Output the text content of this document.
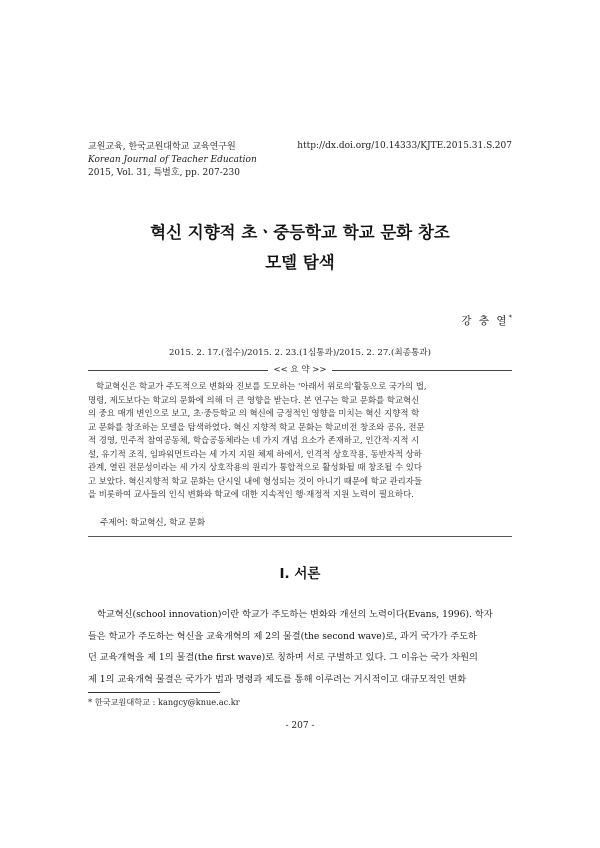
교원교육, 한국교원대학교 교육연구원
Korean Journal of Teacher Education
2015, Vol. 31, 특별호, pp. 207-230
http://dx.doi.org/10.14333/KJTE.2015.31.S.207
혁신 지향적 초ㆍ중등학교 학교 문화 창조
모델 탐색
강 충 열*
2015. 2. 17.(접수)/2015. 2. 23.(1심통과)/2015. 2. 27.(최종통과)
<< 요 약 >>
학교혁신은 학교가 주도적으로 변화와 진보를 도모하는 '아래서 위로의'활동으로 국가의 법,
명령, 제도보다는 학교의 문화에 의해 더 큰 영향을 받는다. 본 연구는 학교 문화를 학교혁신
의 중요 매개 변인으로 보고, 초·중등학교 의 혁신에 긍정적인 영향을 미치는 혁신 지향적 학
교 문화를 창조하는 모델을 탐색하였다. 혁신 지향적 학교 문화는 학교비전 창조와 공유, 전문
적 경영, 민주적 참여공동체, 학습공동체라는 네 가지 개념 요소가 존재하고, 인간적·지적 시
설, 유기적 조직, 임파워먼트라는 세 가지 지원 체제 하에서, 인격적 상호작용, 동반자적 상하
관계, 열린 전문성이라는 세 가지 상호작용의 원리가 통합적으로 활성화될 때 창조될 수 있다
고 보았다. 혁신지향적 학교 문화는 단시일 내에 형성되는 것이 아니기 때문에 학교 관리자들
을 비롯하여 교사들의 인식 변화와 학교에 대한 지속적인 행·재정적 지원 노력이 필요하다.
주제어: 학교혁신, 학교 문화
I. 서론
학교혁신(school innovation)이란 학교가 주도하는 변화와 개선의 노력이다(Evans, 1996). 학자
들은 학교가 주도하는 혁신을 교육개혁의 제 2의 물결(the second wave)로, 과거 국가가 주도하
던 교육개혁을 제 1의 물결(the first wave)로 칭하며 서로 구별하고 있다. 그 이유는 국가 차원의
제 1의 교육개혁 물결은 국가가 법과 명령과 제도를 통해 이루려는 거시적이고 대규모적인 변화
* 한국교원대학교 : kangcy@knue.ac.kr
- 207 -
